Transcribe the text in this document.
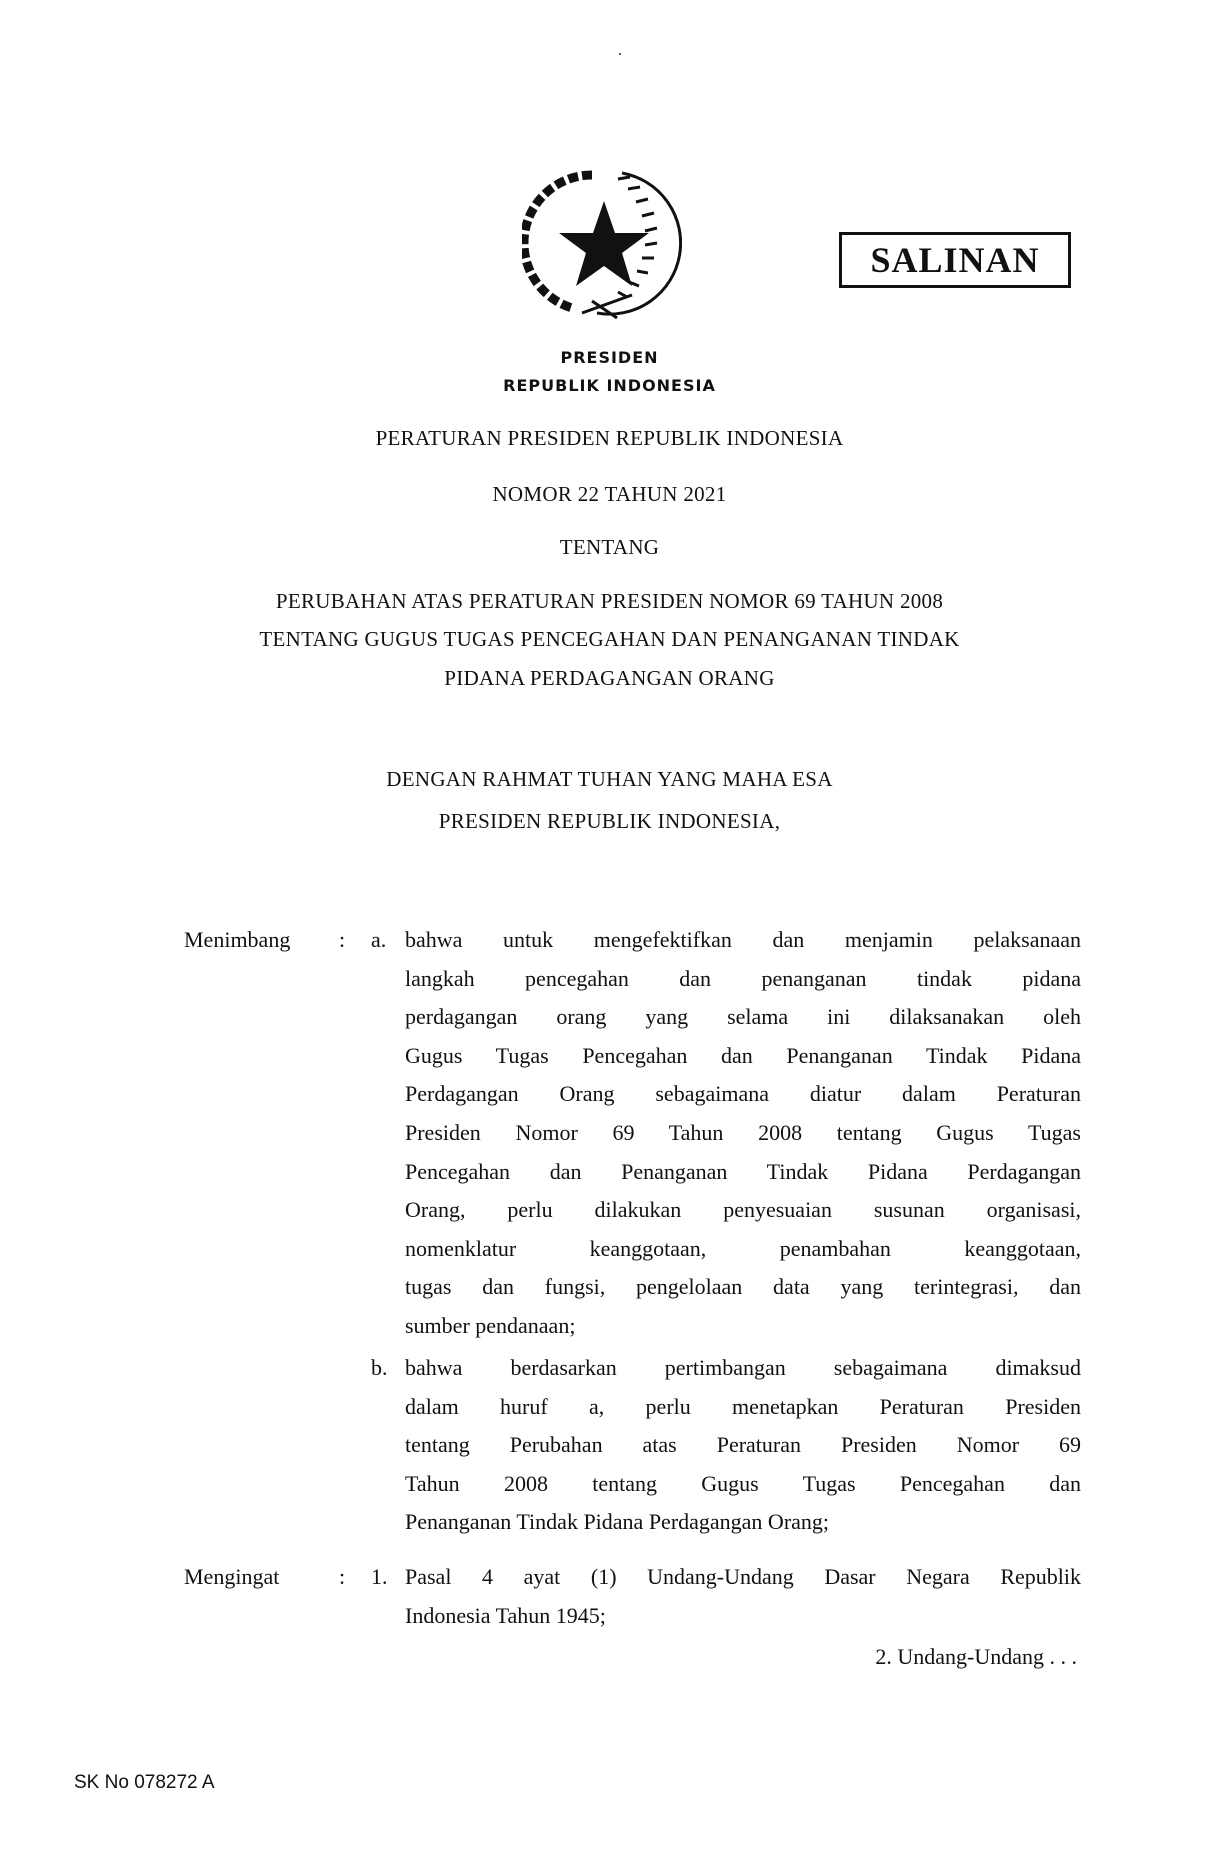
SALINAN
PRESIDEN
REPUBLIK INDONESIA
PERATURAN PRESIDEN REPUBLIK INDONESIA
NOMOR 22 TAHUN 2021
TENTANG
PERUBAHAN ATAS PERATURAN PRESIDEN NOMOR 69 TAHUN 2008
TENTANG GUGUS TUGAS PENCEGAHAN DAN PENANGANAN TINDAK
PIDANA PERDAGANGAN ORANG
DENGAN RAHMAT TUHAN YANG MAHA ESA
PRESIDEN REPUBLIK INDONESIA,
Menimbang : a. bahwa untuk mengefektifkan dan menjamin pelaksanaan
langkah pencegahan dan penanganan tindak pidana
perdagangan orang yang selama ini dilaksanakan oleh
Gugus Tugas Pencegahan dan Penanganan Tindak Pidana
Perdagangan Orang sebagaimana diatur dalam Peraturan
Presiden Nomor 69 Tahun 2008 tentang Gugus Tugas
Pencegahan dan Penanganan Tindak Pidana Perdagangan
Orang, perlu dilakukan penyesuaian susunan organisasi,
nomenklatur keanggotaan, penambahan keanggotaan,
tugas dan fungsi, pengelolaan data yang terintegrasi, dan
sumber pendanaan;
b. bahwa berdasarkan pertimbangan sebagaimana dimaksud
dalam huruf a, perlu menetapkan Peraturan Presiden
tentang Perubahan atas Peraturan Presiden Nomor 69
Tahun 2008 tentang Gugus Tugas Pencegahan dan
Penanganan Tindak Pidana Perdagangan Orang;
Mengingat	: 1. Pasal 4 ayat (1) Undang-Undang Dasar Negara Republik
Indonesia Tahun 1945;
2. Undang-Undang . . .
SK No 078272 A
